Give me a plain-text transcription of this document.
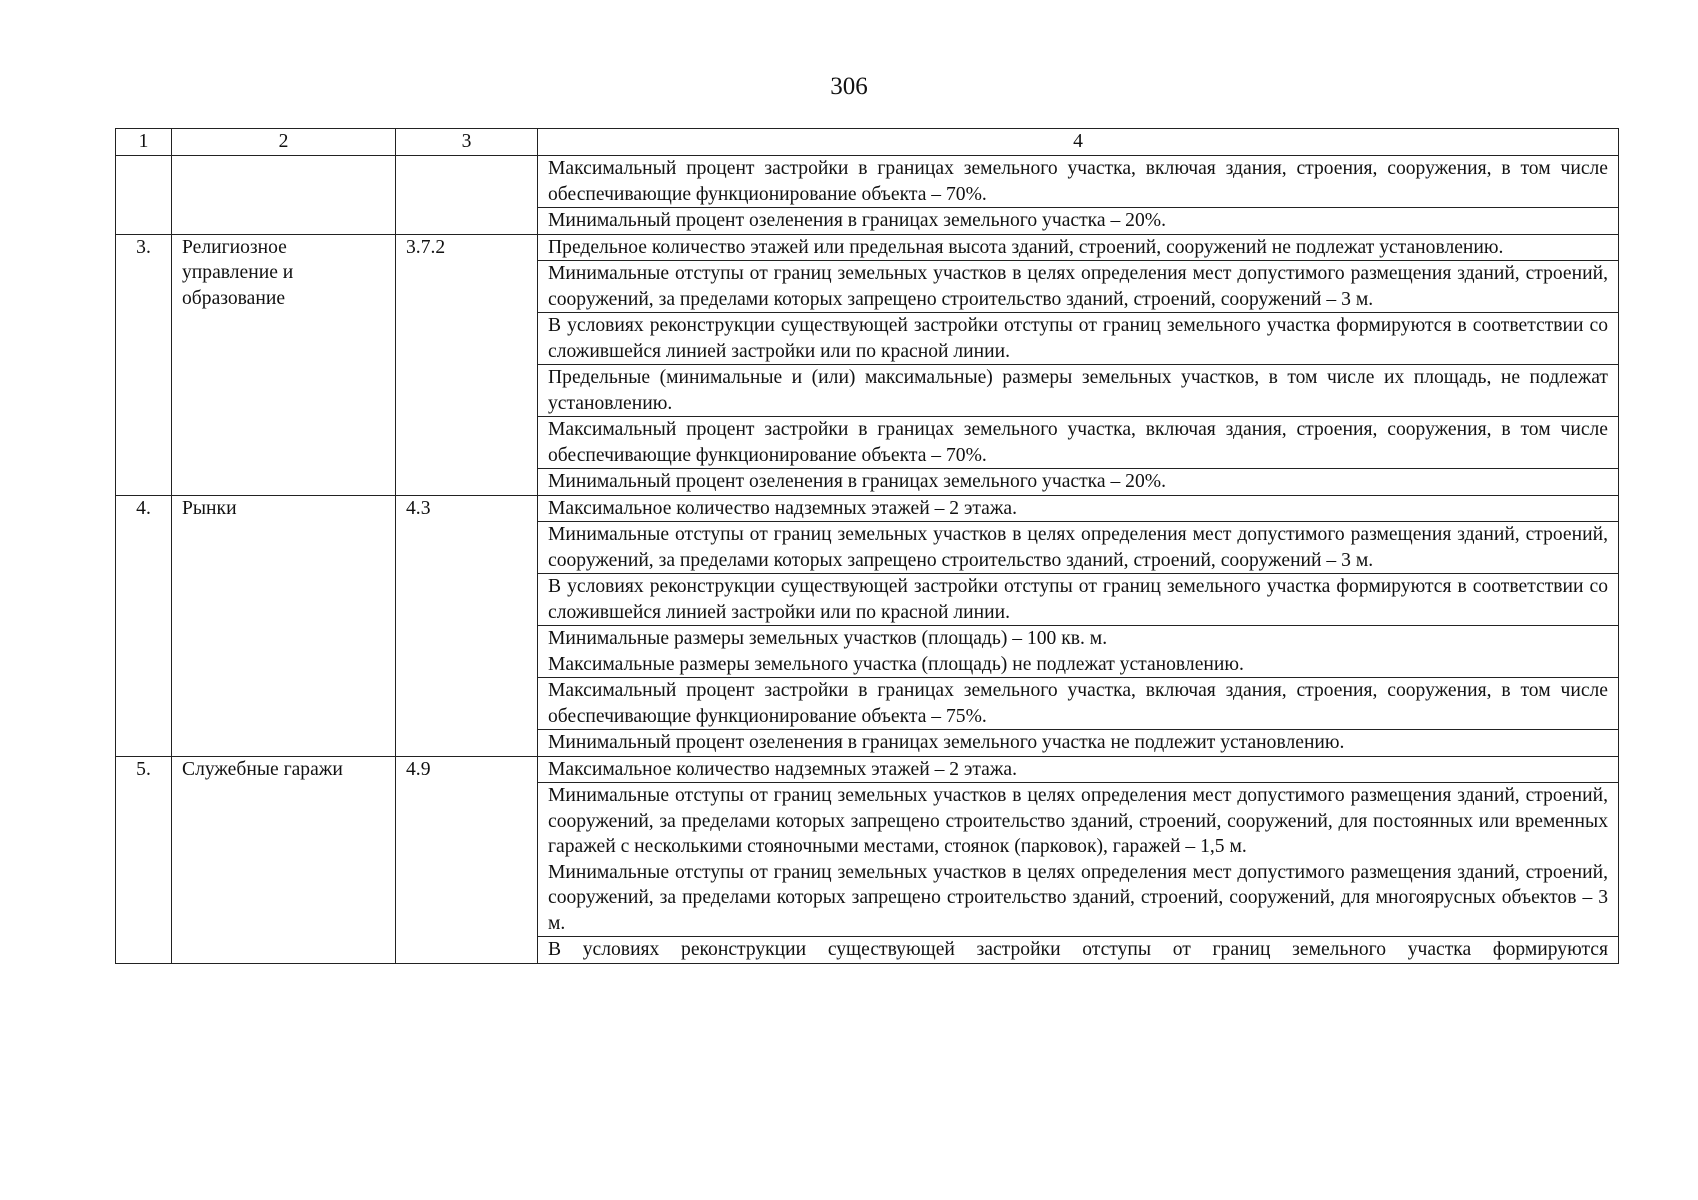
306
1	2	3	4
			Максимальный процент застройки в границах земельного участка, включая здания, строения, сооружения, в том числе обеспечивающие функционирование объекта – 70%.
			Минимальный процент озеленения в границах земельного участка – 20%.
3.	Религиозное управление и образование	3.7.2	Предельное количество этажей или предельная высота зданий, строений, сооружений не подлежат установлению.
			Минимальные отступы от границ земельных участков в целях определения мест допустимого размещения зданий, строений, сооружений, за пределами которых запрещено строительство зданий, строений, сооружений – 3 м.
			В условиях реконструкции существующей застройки отступы от границ земельного участка формируются в соответствии со сложившейся линией застройки или по красной линии.
			Предельные (минимальные и (или) максимальные) размеры земельных участков, в том числе их площадь, не подлежат установлению.
			Максимальный процент застройки в границах земельного участка, включая здания, строения, сооружения, в том числе обеспечивающие функционирование объекта – 70%.
			Минимальный процент озеленения в границах земельного участка – 20%.
4.	Рынки	4.3	Максимальное количество надземных этажей – 2 этажа.
			Минимальные отступы от границ земельных участков в целях определения мест допустимого размещения зданий, строений, сооружений, за пределами которых запрещено строительство зданий, строений, сооружений – 3 м.
			В условиях реконструкции существующей застройки отступы от границ земельного участка формируются в соответствии со сложившейся линией застройки или по красной линии.

			Минимальные размеры земельных участков (площадь) – 100 кв. м.
Максимальные размеры земельного участка (площадь) не подлежат установлению.

			Максимальный процент застройки в границах земельного участка, включая здания, строения, сооружения, в том числе обеспечивающие функционирование объекта – 75%.
			Минимальный процент озеленения в границах земельного участка не подлежит установлению.
5.	Служебные гаражи	4.9	Максимальное количество надземных этажей – 2 этажа.

			Минимальные отступы от границ земельных участков в целях определения мест допустимого размещения зданий, строений, сооружений, за пределами которых запрещено строительство зданий, строений, сооружений, для постоянных или временных гаражей с несколькими стояночными местами, стоянок (парковок), гаражей – 1,5 м.
Минимальные отступы от границ земельных участков в целях определения мест допустимого размещения зданий, строений, сооружений, за пределами которых запрещено строительство зданий, строений, сооружений, для многоярусных объектов – 3 м.

			В условиях реконструкции существующей застройки отступы от границ земельного участка формируются
